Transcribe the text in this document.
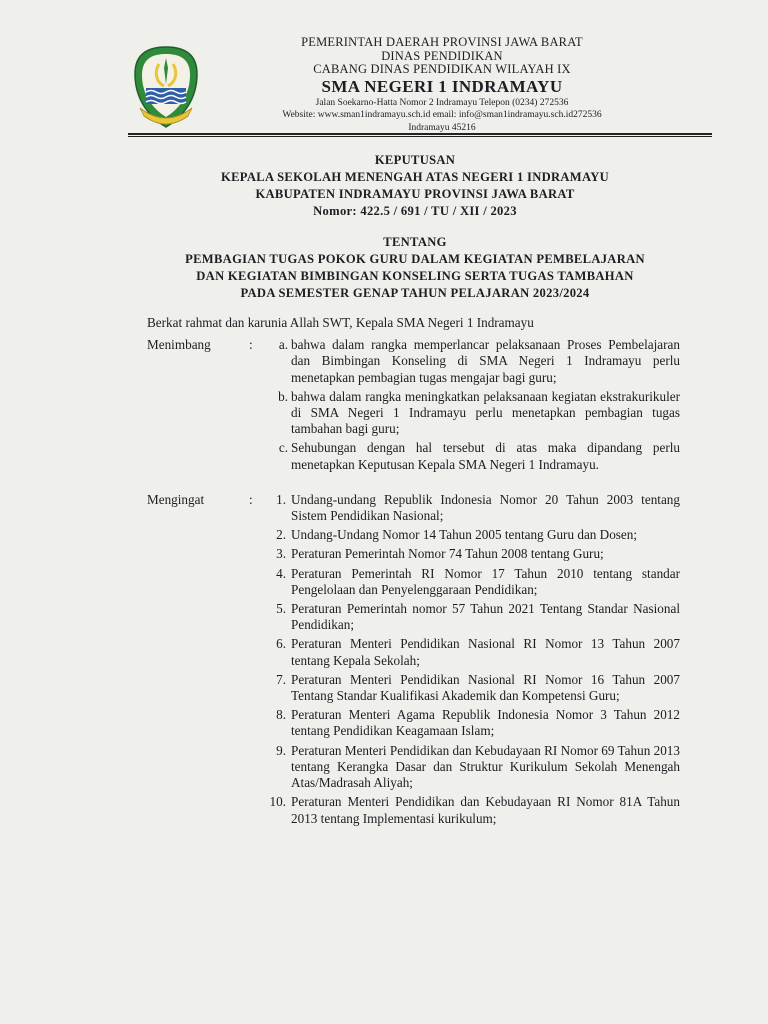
PEMERINTAH DAERAH PROVINSI JAWA BARAT
DINAS PENDIDIKAN
CABANG DINAS PENDIDIKAN WILAYAH IX
SMA NEGERI 1 INDRAMAYU
Jalan Soekarno-Hatta Nomor 2 Indramayu Telepon (0234) 272536
Website: www.sman1indramayu.sch.id email: info@sman1indramayu.sch.id272536
Indramayu 45216
KEPUTUSAN
KEPALA SEKOLAH MENENGAH ATAS NEGERI 1 INDRAMAYU
KABUPATEN INDRAMAYU PROVINSI JAWA BARAT
Nomor: 422.5 / 691 / TU / XII / 2023
TENTANG
PEMBAGIAN TUGAS POKOK GURU DALAM KEGIATAN PEMBELAJARAN
DAN KEGIATAN BIMBINGAN KONSELING SERTA TUGAS TAMBAHAN
PADA SEMESTER GENAP TAHUN PELAJARAN 2023/2024
Berkat rahmat dan karunia Allah SWT, Kepala SMA Negeri 1 Indramayu
Menimbang	:	a. bahwa dalam rangka memperlancar pelaksanaan Proses Pembelajaran dan Bimbingan Konseling di SMA Negeri 1 Indramayu perlu menetapkan pembagian tugas mengajar bagi guru;
b. bahwa dalam rangka meningkatkan pelaksanaan kegiatan ekstrakurikuler di SMA Negeri 1 Indramayu perlu menetapkan pembagian tugas tambahan bagi guru;
c. Sehubungan dengan hal tersebut di atas maka dipandang perlu menetapkan Keputusan Kepala SMA Negeri 1 Indramayu.
Mengingat	:	1. Undang-undang Republik Indonesia Nomor 20 Tahun 2003 tentang Sistem Pendidikan Nasional;
2. Undang-Undang Nomor 14 Tahun 2005 tentang Guru dan Dosen;
3. Peraturan Pemerintah Nomor 74 Tahun 2008 tentang Guru;
4. Peraturan Pemerintah RI Nomor 17 Tahun 2010 tentang standar Pengelolaan dan Penyelenggaraan Pendidikan;
5. Peraturan Pemerintah nomor 57 Tahun 2021 Tentang Standar Nasional Pendidikan;
6. Peraturan Menteri Pendidikan Nasional RI Nomor 13 Tahun 2007 tentang Kepala Sekolah;
7. Peraturan Menteri Pendidikan Nasional RI Nomor 16 Tahun 2007 Tentang Standar Kualifikasi Akademik dan Kompetensi Guru;
8. Peraturan Menteri Agama Republik Indonesia Nomor 3 Tahun 2012 tentang Pendidikan Keagamaan Islam;
9. Peraturan Menteri Pendidikan dan Kebudayaan RI Nomor 69 Tahun 2013 tentang Kerangka Dasar dan Struktur Kurikulum Sekolah Menengah Atas/Madrasah Aliyah;
10. Peraturan Menteri Pendidikan dan Kebudayaan RI Nomor 81A Tahun 2013 tentang Implementasi kurikulum;
